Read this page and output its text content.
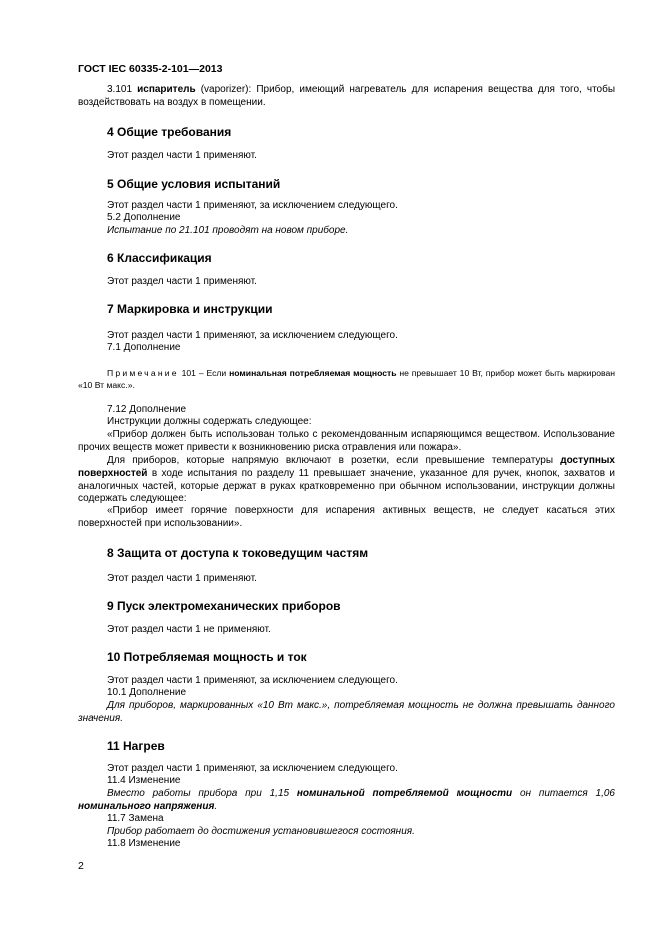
ГОСТ IEC 60335-2-101—2013
3.101 испаритель (vaporizer): Прибор, имеющий нагреватель для испарения вещества для того, чтобы воздействовать на воздух в помещении.
4 Общие требования
Этот раздел части 1 применяют.
5 Общие условия испытаний
Этот раздел части 1 применяют, за исключением следующего.
5.2 Дополнение
Испытание по 21.101 проводят на новом приборе.
6 Классификация
Этот раздел части 1 применяют.
7 Маркировка и инструкции
Этот раздел части 1 применяют, за исключением следующего.
7.1 Дополнение
Примечание 101 – Если номинальная потребляемая мощность не превышает 10 Вт, прибор может быть маркирован «10 Вт макс.».
7.12 Дополнение
Инструкции должны содержать следующее:
«Прибор должен быть использован только с рекомендованным испаряющимся веществом. Использование прочих веществ может привести к возникновению риска отравления или пожара».
Для приборов, которые напрямую включают в розетки, если превышение температуры доступных поверхностей в ходе испытания по разделу 11 превышает значение, указанное для ручек, кнопок, захватов и аналогичных частей, которые держат в руках кратковременно при обычном использовании, инструкции должны содержать следующее:
«Прибор имеет горячие поверхности для испарения активных веществ, не следует касаться этих поверхностей при использовании».
8 Защита от доступа к токоведущим частям
Этот раздел части 1 применяют.
9 Пуск электромеханических приборов
Этот раздел части 1 не применяют.
10 Потребляемая мощность и ток
Этот раздел части 1 применяют, за исключением следующего.
10.1 Дополнение
Для приборов, маркированных «10 Вт макс.», потребляемая мощность не должна превышать данного значения.
11 Нагрев
Этот раздел части 1 применяют, за исключением следующего.
11.4 Изменение
Вместо работы прибора при 1,15 номинальной потребляемой мощности он питается 1,06 номинального напряжения.
11.7 Замена
Прибор работает до достижения установившегося состояния.
11.8 Изменение
2
